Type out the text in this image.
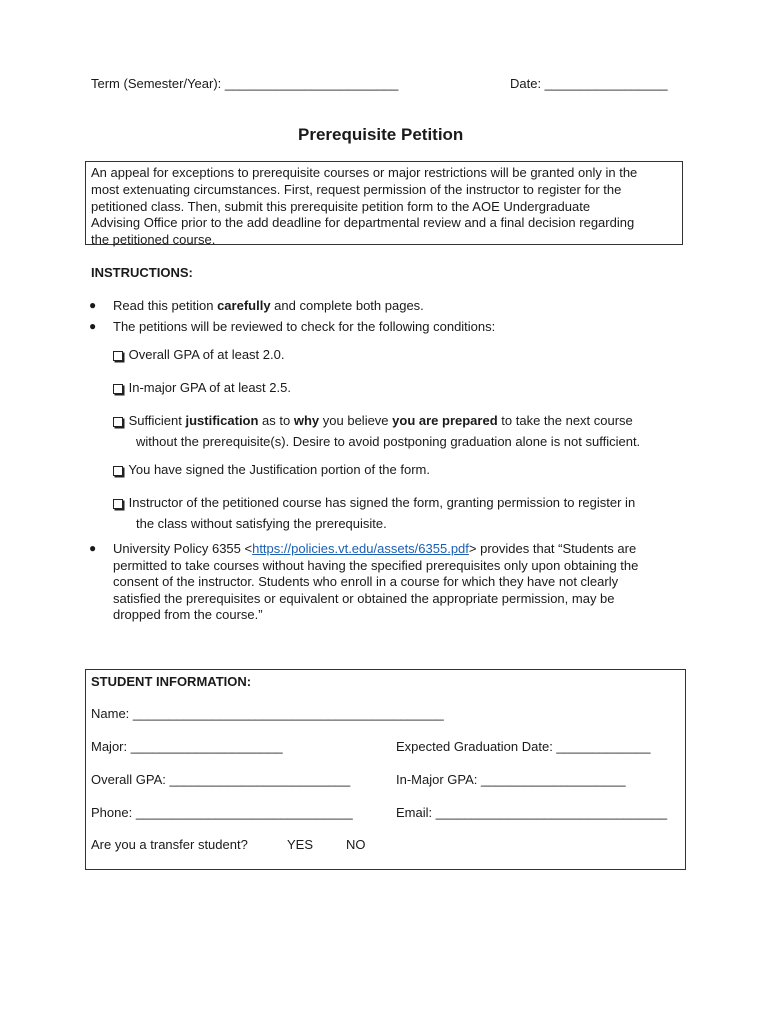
Term (Semester/Year): ________________________	Date: _________________
Prerequisite Petition
An appeal for exceptions to prerequisite courses or major restrictions will be granted only in the
most extenuating circumstances. First, request permission of the instructor to register for the
petitioned class. Then, submit this prerequisite petition form to the AOE Undergraduate
Advising Office prior to the add deadline for departmental review and a final decision regarding
the petitioned course.
INSTRUCTIONS:
● Read this petition carefully and complete both pages.
● The petitions will be reviewed to check for the following conditions:
Overall GPA of at least 2.0.
In-major GPA of at least 2.5.
Sufficient justification as to why you believe you are prepared to take the next course
without the prerequisite(s). Desire to avoid postponing graduation alone is not sufficient.
You have signed the Justification portion of the form.
Instructor of the petitioned course has signed the form, granting permission to register in
the class without satisfying the prerequisite.
● University Policy 6355 <https://policies.vt.edu/assets/6355.pdf> provides that “Students are
permitted to take courses without having the specified prerequisites only upon obtaining the
consent of the instructor. Students who enroll in a course for which they have not clearly
satisfied the prerequisites or equivalent or obtained the appropriate permission, may be
dropped from the course.”
STUDENT INFORMATION:
Name: ___________________________________________
Major: _____________________	Expected Graduation Date: _____________
Overall GPA: _________________________	In-Major GPA: ____________________
Phone: ______________________________	Email: ________________________________
Are you a transfer student?	YES	NO
